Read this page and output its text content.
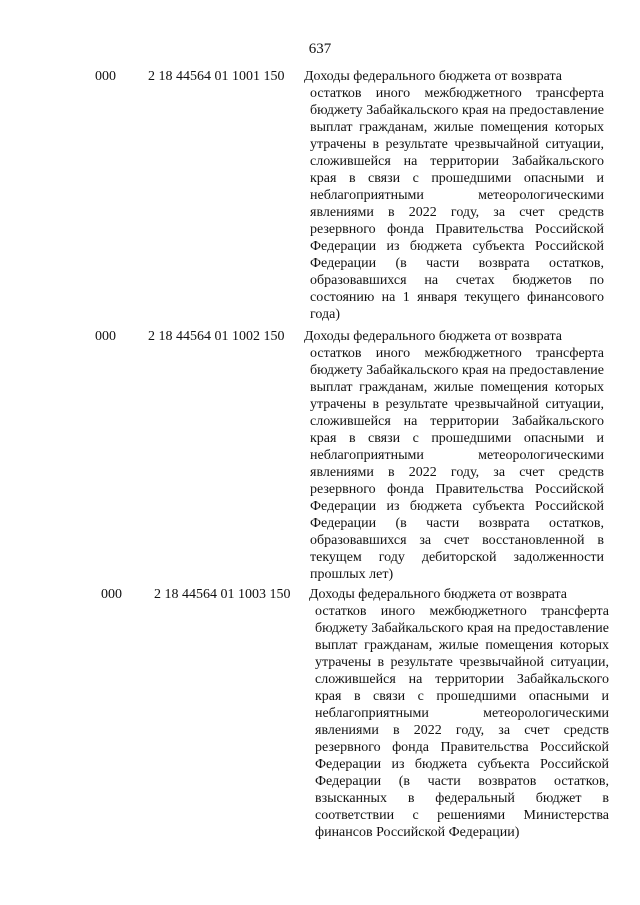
637
000	2 18 44564 01 1001 150	Доходы федерального бюджета от возврата
остатков иного межбюджетного трансферта бюджету Забайкальского края на предоставление выплат гражданам, жилые помещения которых утрачены в результате чрезвычайной ситуации, сложившейся на территории Забайкальского края в связи с прошедшими опасными и неблагоприятными метеорологическими явлениями в 2022 году, за счет средств резервного фонда Правительства Российской Федерации из бюджета субъекта Российской Федерации (в части возврата остатков, образовавшихся на счетах бюджетов по состоянию на 1 января текущего финансового года)
000	2 18 44564 01 1002 150	Доходы федерального бюджета от возврата
остатков иного межбюджетного трансферта бюджету Забайкальского края на предоставление выплат гражданам, жилые помещения которых утрачены в результате чрезвычайной ситуации, сложившейся на территории Забайкальского края в связи с прошедшими опасными и неблагоприятными метеорологическими явлениями в 2022 году, за счет средств резервного фонда Правительства Российской Федерации из бюджета субъекта Российской Федерации (в части возврата остатков, образовавшихся за счет восстановленной в текущем году дебиторской задолженности прошлых лет)
000	2 18 44564 01 1003 150	Доходы федерального бюджета от возврата
остатков иного межбюджетного трансферта бюджету Забайкальского края на предоставление выплат гражданам, жилые помещения которых утрачены в результате чрезвычайной ситуации, сложившейся на территории Забайкальского края в связи с прошедшими опасными и неблагоприятными метеорологическими явлениями в 2022 году, за счет средств резервного фонда Правительства Российской Федерации из бюджета субъекта Российской Федерации (в части возвратов остатков, взысканных в федеральный бюджет в соответствии с решениями Министерства финансов Российской Федерации)
